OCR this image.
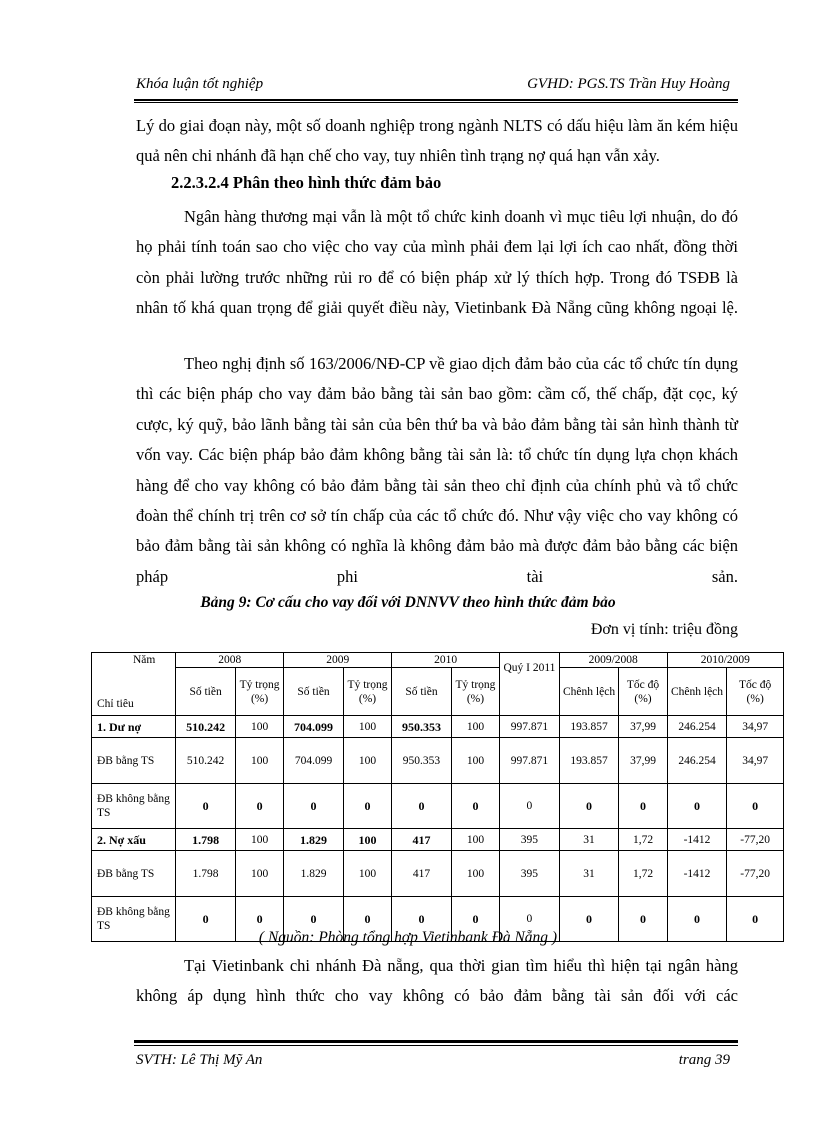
Khóa luận tốt nghiệp	GVHD: PGS.TS Trần Huy Hoàng
Lý do giai đoạn này, một số doanh nghiệp trong ngành NLTS có dấu hiệu làm ăn kém hiệu quả nên chi nhánh đã hạn chế cho vay, tuy nhiên tình trạng nợ quá hạn vẫn xảy.
2.2.3.2.4 Phân theo hình thức đảm bảo
Ngân hàng thương mại vẫn là một tổ chức kinh doanh vì mục tiêu lợi nhuận, do đó họ phải tính toán sao cho việc cho vay của mình phải đem lại lợi ích cao nhất, đồng thời còn phải lường trước những rủi ro để có biện pháp xử lý thích hợp. Trong đó TSĐB là nhân tố khá quan trọng để giải quyết điều này, Vietinbank Đà Nẵng cũng không ngoại lệ.
Theo nghị định số 163/2006/NĐ-CP về giao dịch đảm bảo của các tổ chức tín dụng thì các biện pháp cho vay đảm bảo bằng tài sản bao gồm: cầm cố, thế chấp, đặt cọc, ký cược, ký quỹ, bảo lãnh bằng tài sản của bên thứ ba và bảo đảm bằng tài sản hình thành từ vốn vay. Các biện pháp bảo đảm không bằng tài sản là: tổ chức tín dụng lựa chọn khách hàng để cho vay không có bảo đảm bằng tài sản theo chỉ định của chính phủ và tổ chức đoàn thể chính trị trên cơ sở tín chấp của các tổ chức đó. Như vậy việc cho vay không có bảo đảm bằng tài sản không có nghĩa là không đảm bảo mà được đảm bảo bằng các biện pháp phi tài sản.
Bảng 9: Cơ cấu cho vay đối với DNNVV theo hình thức đảm bảo
Đơn vị tính: triệu đồng
Năm
Chỉ tiêu	2008		2009		2010		Quý I 2011	2009/2008		2010/2009	
	Số tiền	Tỷ trọng (%)	Số tiền	Tỷ trọng (%)	Số tiền	Tỷ trọng (%)		Chênh lệch	Tốc độ (%)	Chênh lệch	Tốc độ (%)
1. Dư nợ	510.242	100	704.099	100	950.353	100	997.871	193.857	37,99	246.254	34,97
ĐB bằng TS	510.242	100	704.099	100	950.353	100	997.871	193.857	37,99	246.254	34,97
ĐB không bằng TS	0	0	0	0	0	0	0	0	0	0	0
2. Nợ xấu	1.798	100	1.829	100	417	100	395	31	1,72	-1412	-77,20
ĐB bằng TS	1.798	100	1.829	100	417	100	395	31	1,72	-1412	-77,20
ĐB không bằng TS	0	0	0	0	0	0	0	0	0	0	0
( Nguồn: Phòng tổng hợp Vietinbank Đà Nẵng )
Tại Vietinbank chi nhánh Đà nẵng, qua thời gian tìm hiểu thì hiện tại ngân hàng không áp dụng hình thức cho vay không có bảo đảm bằng tài sản đối với các
SVTH: Lê Thị Mỹ An	trang 39
